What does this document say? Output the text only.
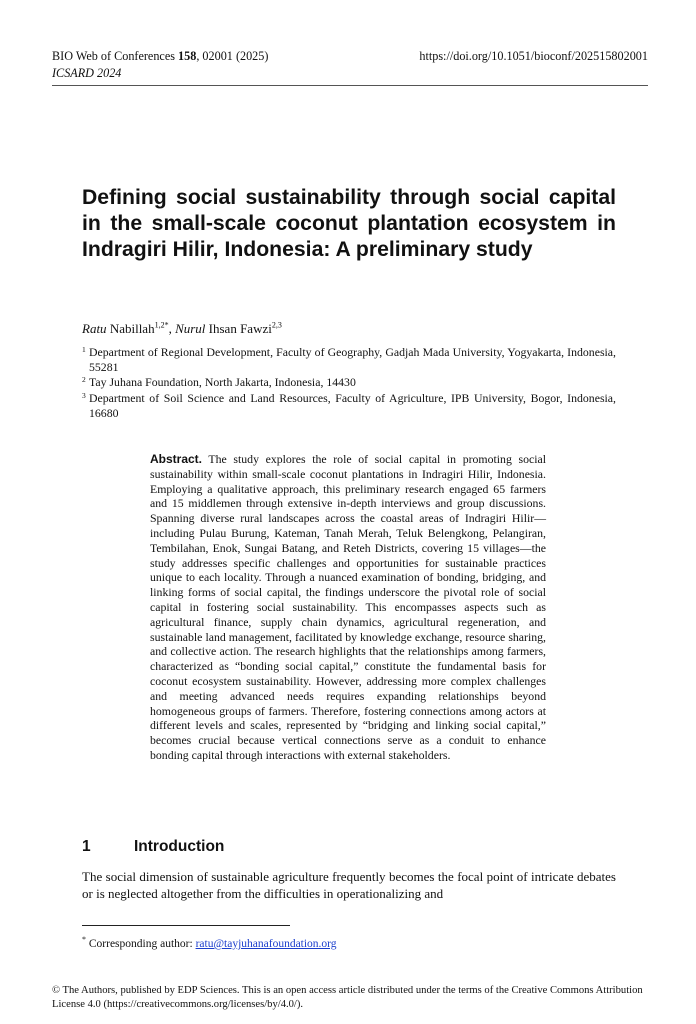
BIO Web of Conferences 158, 02001 (2025)	https://doi.org/10.1051/bioconf/202515802001
ICSARD 2024
Defining social sustainability through social capital in the small-scale coconut plantation ecosystem in Indragiri Hilir, Indonesia: A preliminary study
Ratu Nabillah$^{1,2*}$, Nurul Ihsan Fawzi$^{2,3}$
1 Department of Regional Development, Faculty of Geography, Gadjah Mada University, Yogyakarta, Indonesia, 55281
2 Tay Juhana Foundation, North Jakarta, Indonesia, 14430
3 Department of Soil Science and Land Resources, Faculty of Agriculture, IPB University, Bogor, Indonesia, 16680

Abstract. The study explores the role of social capital in promoting social sustainability within small-scale coconut plantations in Indragiri Hilir, Indonesia. Employing a qualitative approach, this preliminary research engaged 65 farmers and 15 middlemen through extensive in-depth interviews and group discussions. Spanning diverse rural landscapes across the coastal areas of Indragiri Hilir—including Pulau Burung, Kateman, Tanah Merah, Teluk Belengkong, Pelangiran, Tembilahan, Enok, Sungai Batang, and Reteh Districts, covering 15 villages—the study addresses specific challenges and opportunities for sustainable practices unique to each locality. Through a nuanced examination of bonding, bridging, and linking forms of social capital, the findings underscore the pivotal role of social capital in fostering social sustainability. This encompasses aspects such as agricultural finance, supply chain dynamics, agricultural regeneration, and sustainable land management, facilitated by knowledge exchange, resource sharing, and collective action. The research highlights that the relationships among farmers, characterized as “bonding social capital,” constitute the fundamental basis for coconut ecosystem sustainability. However, addressing more complex challenges and meeting advanced needs requires expanding relationships beyond homogeneous groups of farmers. Therefore, fostering connections among actors at different levels and scales, represented by “bridging and linking social capital,” becomes crucial because vertical connections serve as a conduit to enhance bonding capital through interactions with external stakeholders.

1	Introduction

The social dimension of sustainable agriculture frequently becomes the focal point of intricate debates or is neglected altogether from the difficulties in operationalizing and

* Corresponding author: ratu@tayjuhanafoundation.org
© The Authors, published by EDP Sciences. This is an open access article distributed under the terms of the Creative Commons Attribution License 4.0 (https://creativecommons.org/licenses/by/4.0/).
